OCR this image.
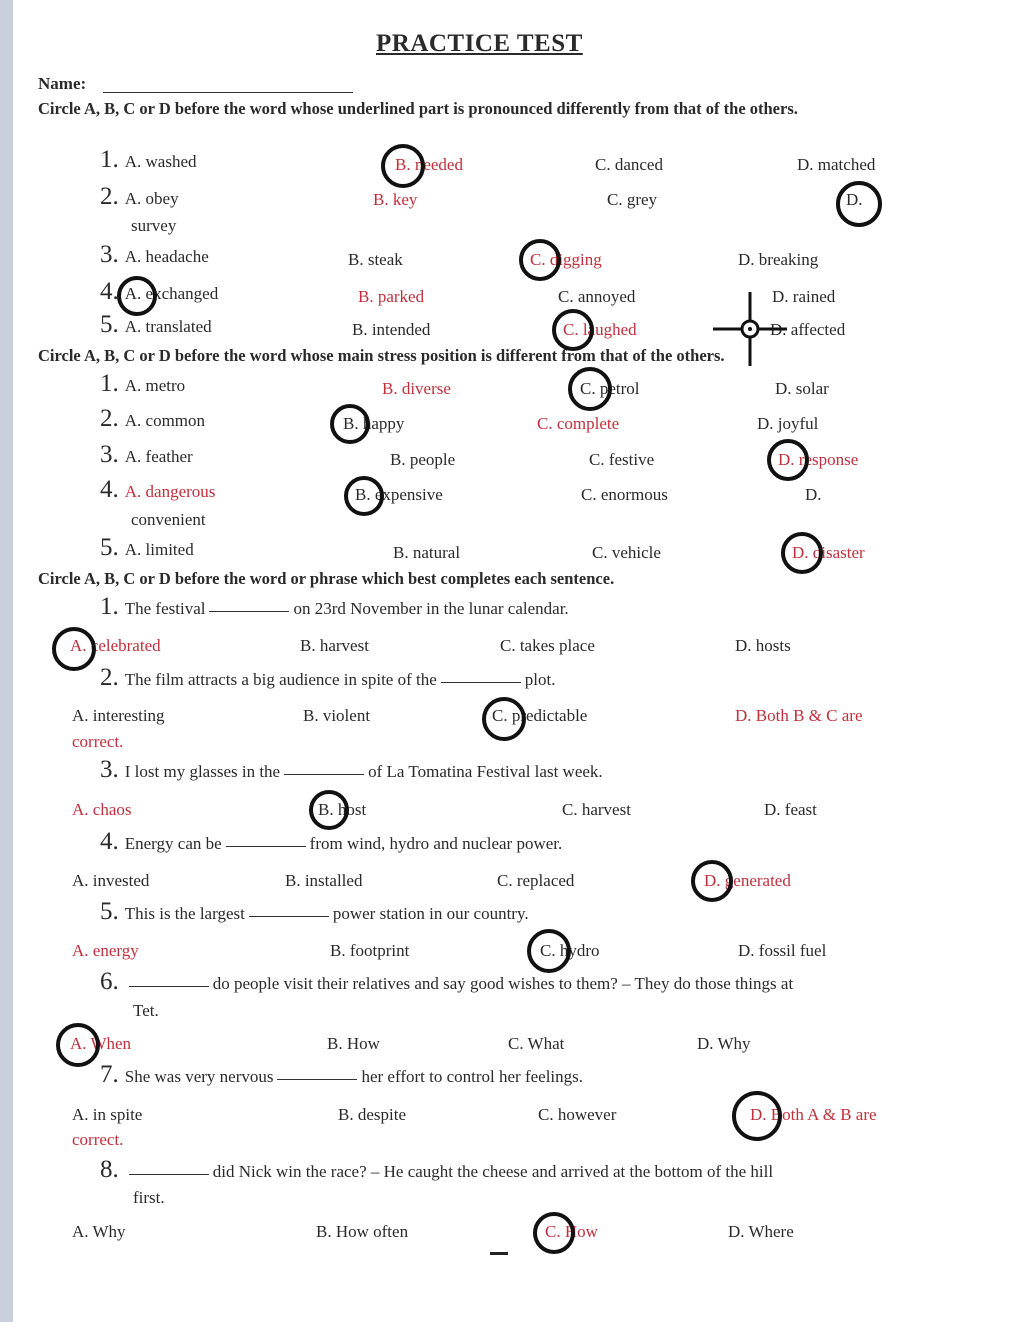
PRACTICE TEST
Name:
Circle A, B, C or D before the word whose underlined part is pronounced differently from that of the others.
1. A. washed	B. needed	C. danced	D. matched
2. A. obey
survey
B. key	C. grey	D.
3. A. headache	B. steak	C. digging	D. breaking
4. A. exchanged	B. parked	C. annoyed	D. rained
5. A. translated	B. intended	C. laughed	D. affected
Circle A, B, C or D before the word whose main stress position is different from that of the others.
1. A. metro	B. diverse	C. petrol	D. solar
2. A. common	B. happy	C. complete	D. joyful
3. A. feather	B. people	C. festive	D. response
4. A. dangerous
convenient
B. expensive	C. enormous	D.
5. A. limited	B. natural	C. vehicle	D. disaster
Circle A, B, C or D before the word or phrase which best completes each sentence.
1. The festival	on 23rd November in the lunar calendar.
A. celebrated	B. harvest	C. takes place	D. hosts
2. The film attracts a big audience in spite of the	plot.
A. interesting	B. violent	C. predictable	D. Both B & C are
correct.
3. I lost my glasses in the	of La Tomatina Festival last week.
A. chaos	B. host	C. harvest	D. feast
4. Energy can be	from wind, hydro and nuclear power.
A. invested	B. installed	C. replaced	D. generated
5. This is the largest	power station in our country.
A. energy	B. footprint	C. hydro	D. fossil fuel
6.	do people visit their relatives and say good wishes to them? – They do those things at
Tet.
A. When	B. How	C. What	D. Why
7. She was very nervous	her effort to control her feelings.
A. in spite
correct.
B. despite	C. however	D. Both A & B are
8.	did Nick win the race? – He caught the cheese and arrived at the bottom of the hill
first.
A. Why	B. How often	C. How	D. Where
